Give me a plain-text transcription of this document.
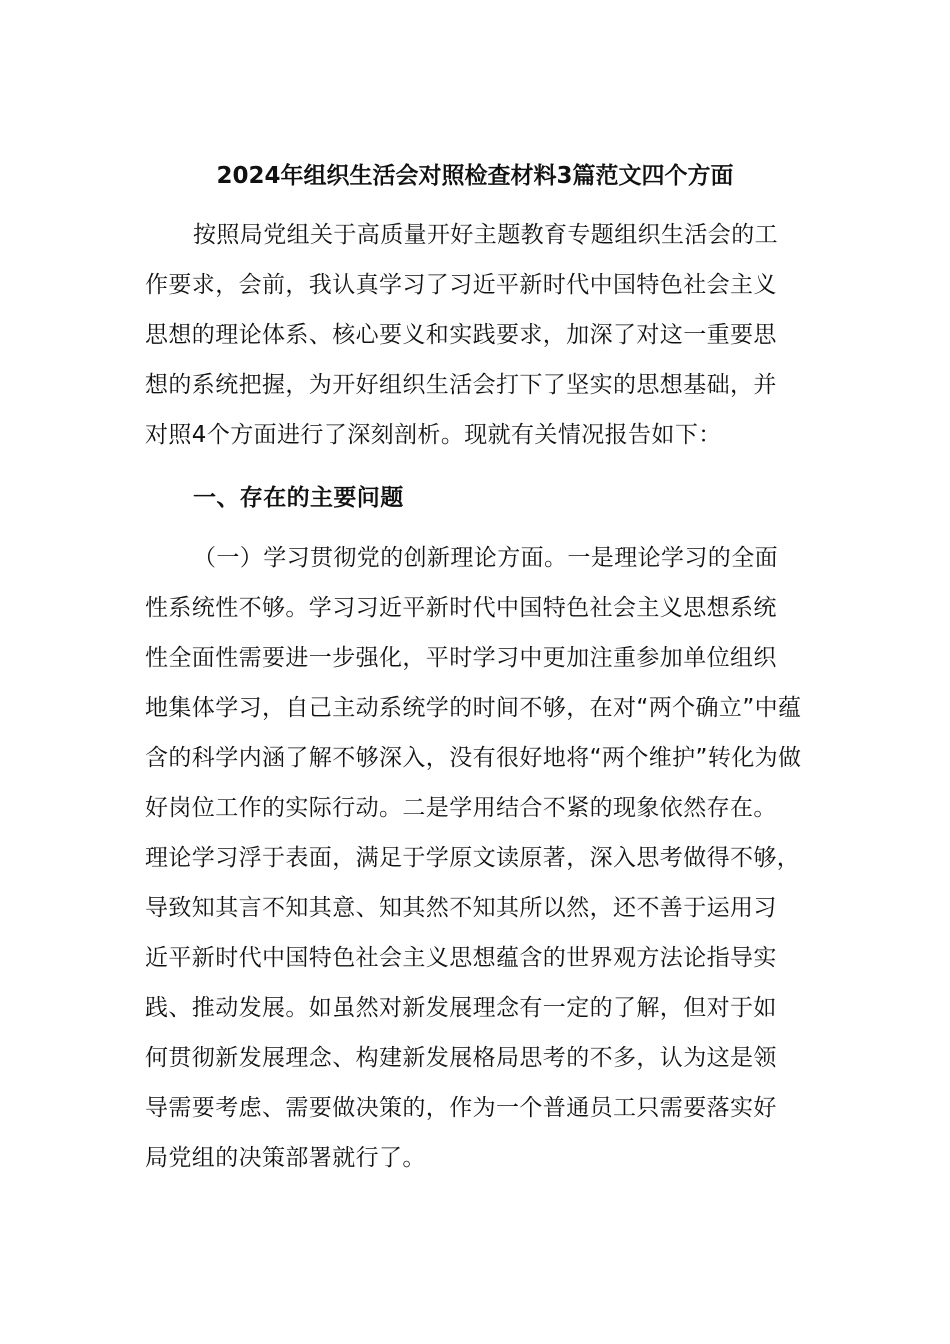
2024年组织生活会对照检查材料3篇范文四个方面
按照局党组关于高质量开好主题教育专题组织生活会的工
作要求，会前，我认真学习了习近平新时代中国特色社会主义
思想的理论体系、核心要义和实践要求，加深了对这一重要思
想的系统把握，为开好组织生活会打下了坚实的思想基础，并
对照4个方面进行了深刻剖析。现就有关情况报告如下：
一、存在的主要问题
（一）学习贯彻党的创新理论方面。一是理论学习的全面
性系统性不够。学习习近平新时代中国特色社会主义思想系统
性全面性需要进一步强化，平时学习中更加注重参加单位组织
地集体学习，自己主动系统学的时间不够，在对“两个确立”中蕴
含的科学内涵了解不够深入，没有很好地将“两个维护”转化为做
好岗位工作的实际行动。二是学用结合不紧的现象依然存在。
理论学习浮于表面，满足于学原文读原著，深入思考做得不够，
导致知其言不知其意、知其然不知其所以然，还不善于运用习
近平新时代中国特色社会主义思想蕴含的世界观方法论指导实
践、推动发展。如虽然对新发展理念有一定的了解，但对于如
何贯彻新发展理念、构建新发展格局思考的不多，认为这是领
导需要考虑、需要做决策的，作为一个普通员工只需要落实好
局党组的决策部署就行了。
